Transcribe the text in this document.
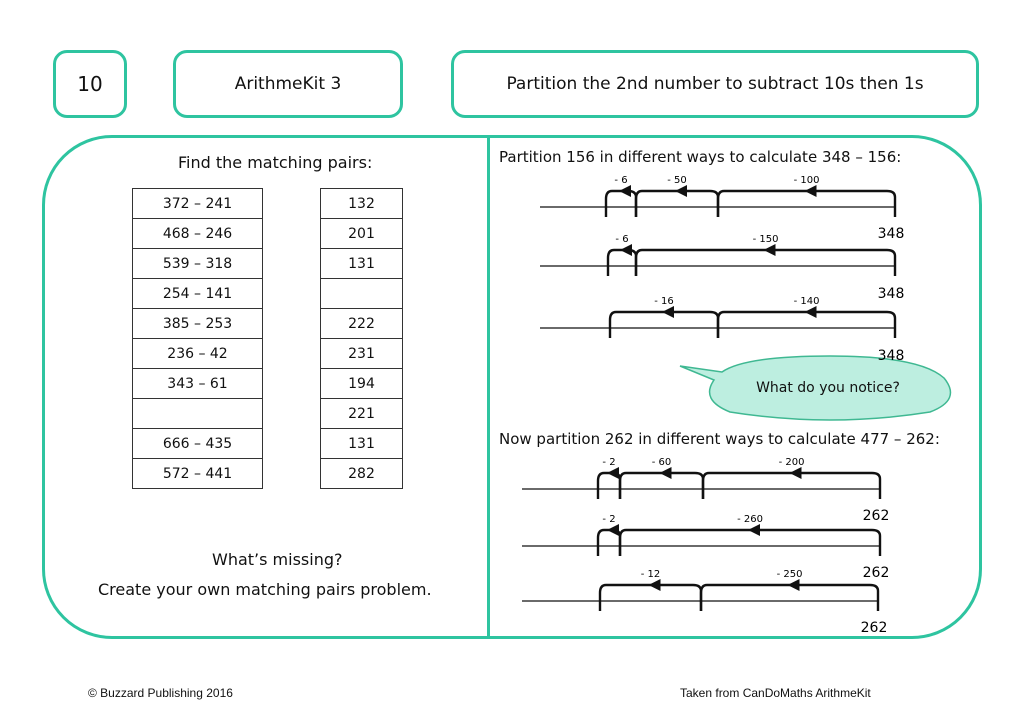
10	ArithmeKit 3	Partition the 2nd number to subtract 10s then 1s
Find the matching pairs:
372 – 241
468 – 246
539 – 318
254 – 141
385 – 253
236 – 42
343 – 61

666 – 435
572 – 441
132
201
131

222
231
194
221
131
282
What’s missing?
Create your own matching pairs problem.
Partition 156 in different ways to calculate 348 – 156:
Now partition 262 in different ways to calculate 477 – 262:
- 100
- 50
- 6
348
- 150
- 6
348
- 140
- 16
348
- 200
- 60
- 2
262
- 260
- 2
262
- 250
- 12
262
What do you notice?
© Buzzard Publishing 2016	Taken from CanDoMaths ArithmeKit
